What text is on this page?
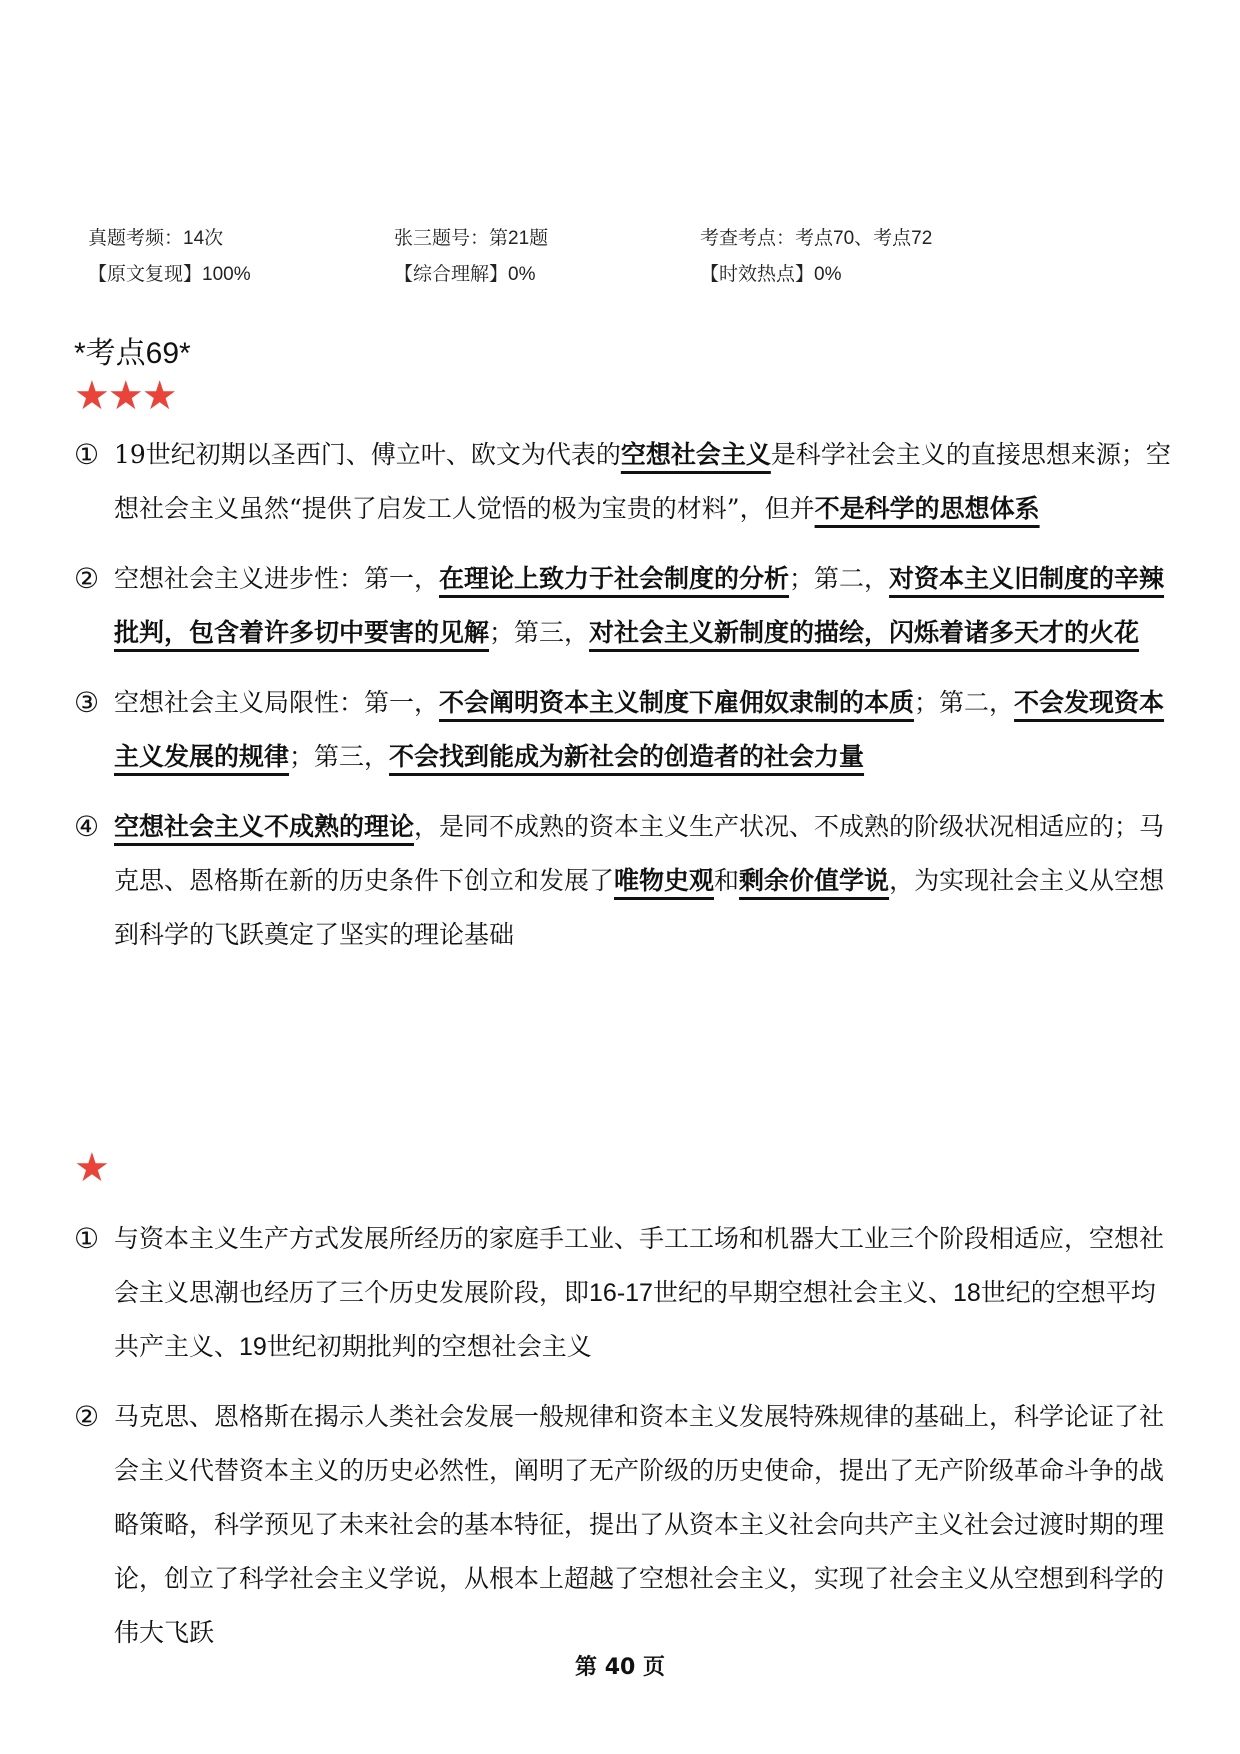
真题考频：14次	张三题号：第21题	考查考点：考点70、考点72
【原文复现】100%	【综合理解】0%	【时效热点】0%
*考点69*
★★★
① 19世纪初期以圣西门、傅立叶、欧文为代表的空想社会主义是科学社会主义的直接思想来源；空想社会主义虽然“提供了启发工人觉悟的极为宝贵的材料”，但并不是科学的思想体系
② 空想社会主义进步性：第一，在理论上致力于社会制度的分析；第二，对资本主义旧制度的辛辣批判，包含着许多切中要害的见解；第三，对社会主义新制度的描绘，闪烁着诸多天才的火花
③ 空想社会主义局限性：第一，不会阐明资本主义制度下雇佣奴隶制的本质；第二，不会发现资本主义发展的规律；第三，不会找到能成为新社会的创造者的社会力量
④ 空想社会主义不成熟的理论，是同不成熟的资本主义生产状况、不成熟的阶级状况相适应的；马克思、恩格斯在新的历史条件下创立和发展了唯物史观和剩余价值学说，为实现社会主义从空想到科学的飞跃奠定了坚实的理论基础
★
① 与资本主义生产方式发展所经历的家庭手工业、手工工场和机器大工业三个阶段相适应，空想社会主义思潮也经历了三个历史发展阶段，即16-17世纪的早期空想社会主义、18世纪的空想平均共产主义、19世纪初期批判的空想社会主义
② 马克思、恩格斯在揭示人类社会发展一般规律和资本主义发展特殊规律的基础上，科学论证了社会主义代替资本主义的历史必然性，阐明了无产阶级的历史使命，提出了无产阶级革命斗争的战略策略，科学预见了未来社会的基本特征，提出了从资本主义社会向共产主义社会过渡时期的理论，创立了科学社会主义学说，从根本上超越了空想社会主义，实现了社会主义从空想到科学的伟大飞跃
第 40 页
